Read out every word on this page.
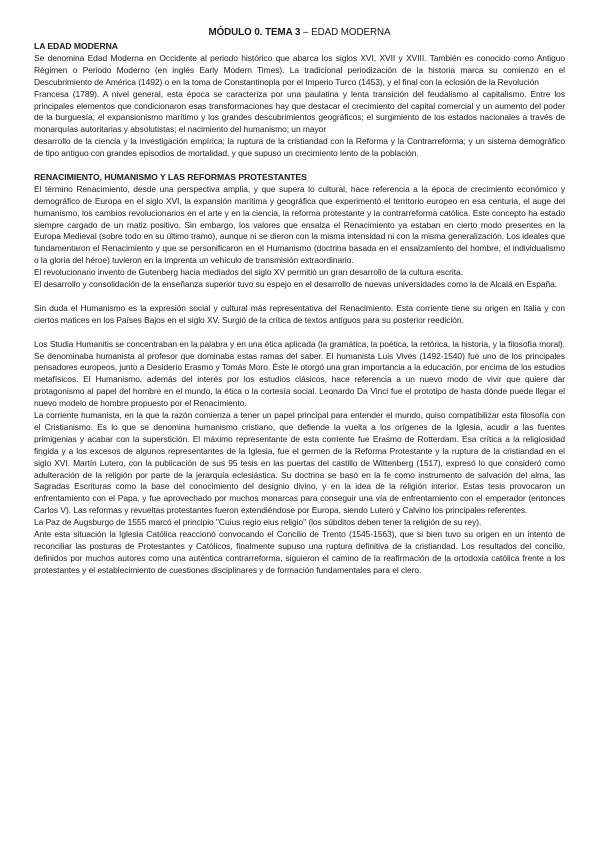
MÓDULO 0. TEMA 3 – EDAD MODERNA
LA EDAD MODERNA

Se denomina Edad Moderna en Occidente al periodo histórico que abarca los siglos XVI, XVII y XVIII. También es conocido como Antiguo Régimen o Periodo Moderno (en inglés Early Modern Times). La tradicional periodización de la historia marca su comienzo en el Descubrimiento de América (1492) o en la toma de Constantinopla por el Imperio Turco (1453), y el final con la eclosión de la Revolución

Francesa (1789). A nivel general, esta época se caracteriza por una paulatina y lenta transición del feudalismo al capitalismo. Entre los principales elementos que condicionaron esas transformaciones hay que destacar el crecimiento del capital comercial y un aumento del poder de la burguesía; el expansionismo marítimo y los grandes descubrimientos geográficos; el surgimiento de los estados nacionales a través de monarquías autoritarias y absolutistas; el nacimiento del humanismo; un mayor

desarrollo de la ciencia y la investigación empírica; la ruptura de la cristiandad con la Reforma y la Contrarreforma; y un sistema demográfico de tipo antiguo con grandes episodios de mortalidad, y que supuso un crecimiento lento de la población.

RENACIMIENTO, HUMANISMO Y LAS REFORMAS PROTESTANTES

El término Renacimiento, desde una perspectiva amplia, y que supera lo cultural, hace referencia a la época de crecimiento económico y demográfico de Europa en el siglo XVI, la expansión marítima y geográfica que experimentó el territorio europeo en esa centuria, el auge del humanismo, los cambios revolucionarios en el arte y en la ciencia, la reforma protestante y la contrarreforma católica. Este concepto ha estado siempre cargado de un matiz positivo. Sin embargo, los valores que ensalza el Renacimiento ya estaban en cierto modo presentes en la Europa Medieval (sobre todo en su último tramo), aunque ni se dieron con la misma intensidad ni con la misma generalización. Los ideales que fundamentaron el Renacimiento y que se personificaron en el Humanismo (doctrina basada en el ensalzamiento del hombre, el individualismo o la gloria del héroe) tuvieron en la imprenta un vehículo de transmisión extraordinario.

El revolucionario invento de Gutenberg hacia mediados del siglo XV permitió un gran desarrollo de la cultura escrita.

El desarrollo y consolidación de la enseñanza superior tuvo su espejo en el desarrollo de nuevas universidades como la de Alcalá en España.

Sin duda el Humanismo es la expresión social y cultural más representativa del Renacimiento. Esta corriente tiene su origen en Italia y con ciertos matices en los Países Bajos en el siglo XV. Surgió de la crítica de textos antiguos para su posterior reedición.

Los Studia Humanitis se concentraban en la palabra y en una ética aplicada (la gramática, la poética, la retórica, la historia, y la filosofía moral). Se denominaba humanista al profesor que dominaba estas ramas del saber. El humanista Luis Vives (1492-1540) fue uno de los principales pensadores europeos, junto a Desiderio Erasmo y Tomás Moro. Éste le otorgó una gran importancia a la educación, por encima de los estudios metafísicos. El Humanismo, además del interés por los estudios clásicos, hace referencia a un nuevo modo de vivir que quiere dar protagonismo al papel del hombre en el mundo, la ética o la cortesía social. Leonardo Da Vinci fue el prototipo de hasta dónde puede llegar el nuevo modelo de hombre propuesto por el Renacimiento.

La corriente humanista, en la que la razón comienza a tener un papel principal para entender el mundo, quiso compatibilizar esta filosofía con el Cristianismo. Es lo que se denomina humanismo cristiano, que defiende la vuelta a los orígenes de la Iglesia, acudir a las fuentes primigenias y acabar con la superstición. El máximo representante de esta corriente fue Erasmo de Rotterdam. Esa crítica a la religiosidad fingida y a los excesos de algunos representantes de la Iglesia, fue el germen de la Reforma Protestante y la ruptura de la cristiandad en el siglo XVI. Martín Lutero, con la publicación de sus 95 tesis en las puertas del castillo de Wittenberg (1517), expresó lo que consideró como adulteración de la religión por parte de la jerarquía eclesiástica. Su doctrina se basó en la fe como instrumento de salvación del alma, las Sagradas Escrituras como la base del conocimiento del designio divino, y en la idea de la religión interior. Estas tesis provocaron un enfrentamiento con el Papa, y fue aprovechado por muchos monarcas para conseguir una vía de enfrentamiento con el emperador (entonces Carlos V). Las reformas y revueltas protestantes fueron extendiéndose por Europa, siendo Lutero y Calvino los principales referentes.

La Paz de Augsburgo de 1555 marcó el principio "Cuius regio eius religio" (los súbditos deben tener la religión de su rey).

Ante esta situación la Iglesia Católica reaccionó convocando el Concilio de Trento (1545-1563), que si bien tuvo su origen en un intento de reconciliar las posturas de Protestantes y Católicos, finalmente supuso una ruptura definitiva de la cristiandad. Los resultados del concilio, definidos por muchos autores como una auténtica contrarreforma, siguieron el camino de la reafirmación de la ortodoxia católica frente a los protestantes y el establecimiento de cuestiones disciplinares y de formación fundamentales para el clero.
